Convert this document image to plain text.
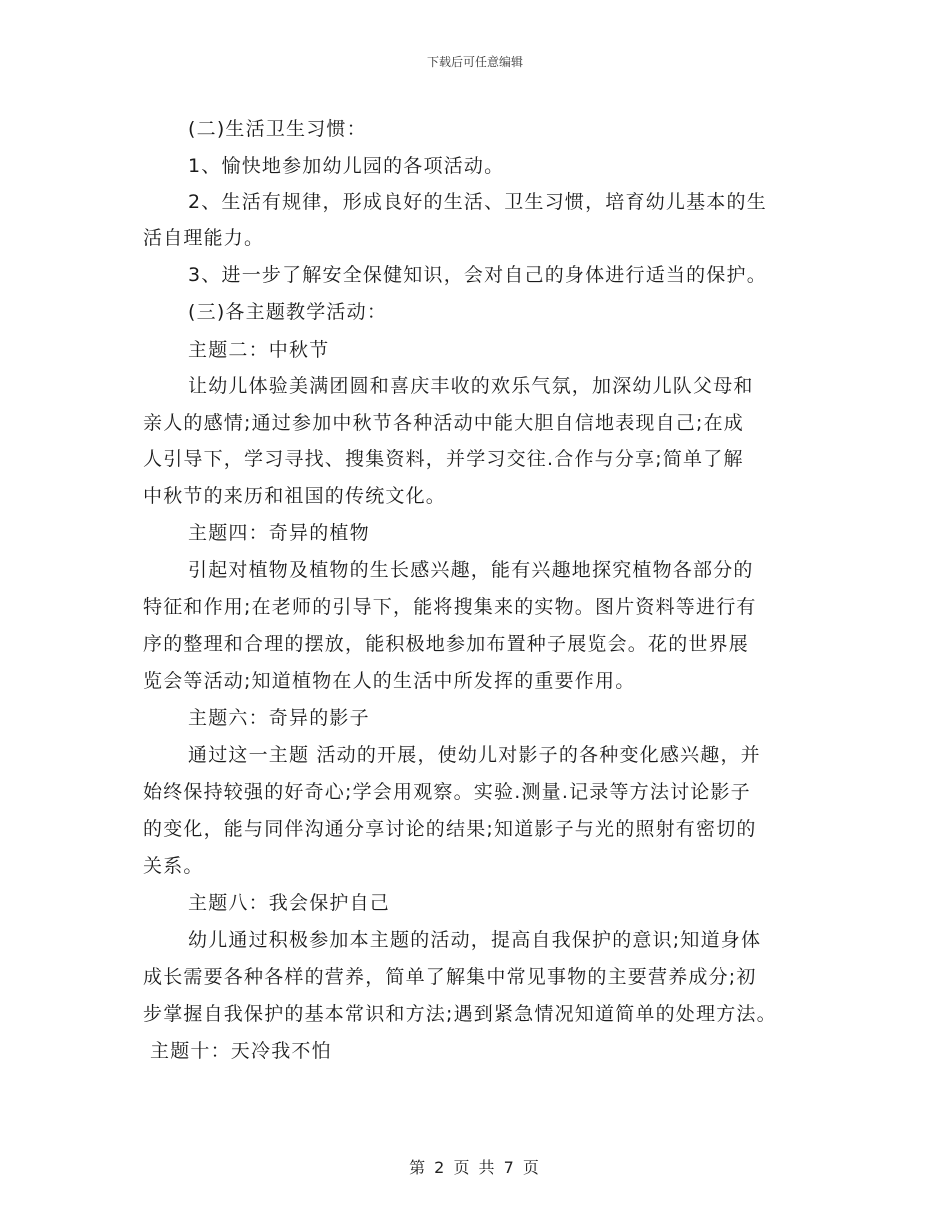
下载后可任意编辑
(二)生活卫生习惯：
1、愉快地参加幼儿园的各项活动。
2、生活有规律，形成良好的生活、卫生习惯，培育幼儿基本的生
活自理能力。
3、进一步了解安全保健知识，会对自己的身体进行适当的保护。
(三)各主题教学活动：
主题二：中秋节
让幼儿体验美满团圆和喜庆丰收的欢乐气氛，加深幼儿队父母和
亲人的感情;通过参加中秋节各种活动中能大胆自信地表现自己;在成
人引导下，学习寻找、搜集资料，并学习交往.合作与分享;简单了解
中秋节的来历和祖国的传统文化。
主题四：奇异的植物
引起对植物及植物的生长感兴趣，能有兴趣地探究植物各部分的
特征和作用;在老师的引导下，能将搜集来的实物。图片资料等进行有
序的整理和合理的摆放，能积极地参加布置种子展览会。花的世界展
览会等活动;知道植物在人的生活中所发挥的重要作用。
主题六：奇异的影子
通过这一主题 活动的开展，使幼儿对影子的各种变化感兴趣，并
始终保持较强的好奇心;学会用观察。实验.测量.记录等方法讨论影子
的变化，能与同伴沟通分享讨论的结果;知道影子与光的照射有密切的
关系。
主题八：我会保护自己
幼儿通过积极参加本主题的活动，提高自我保护的意识;知道身体
成长需要各种各样的营养，简单了解集中常见事物的主要营养成分;初
步掌握自我保护的基本常识和方法;遇到紧急情况知道简单的处理方法。
主题十：天冷我不怕
第 2 页 共 7 页
